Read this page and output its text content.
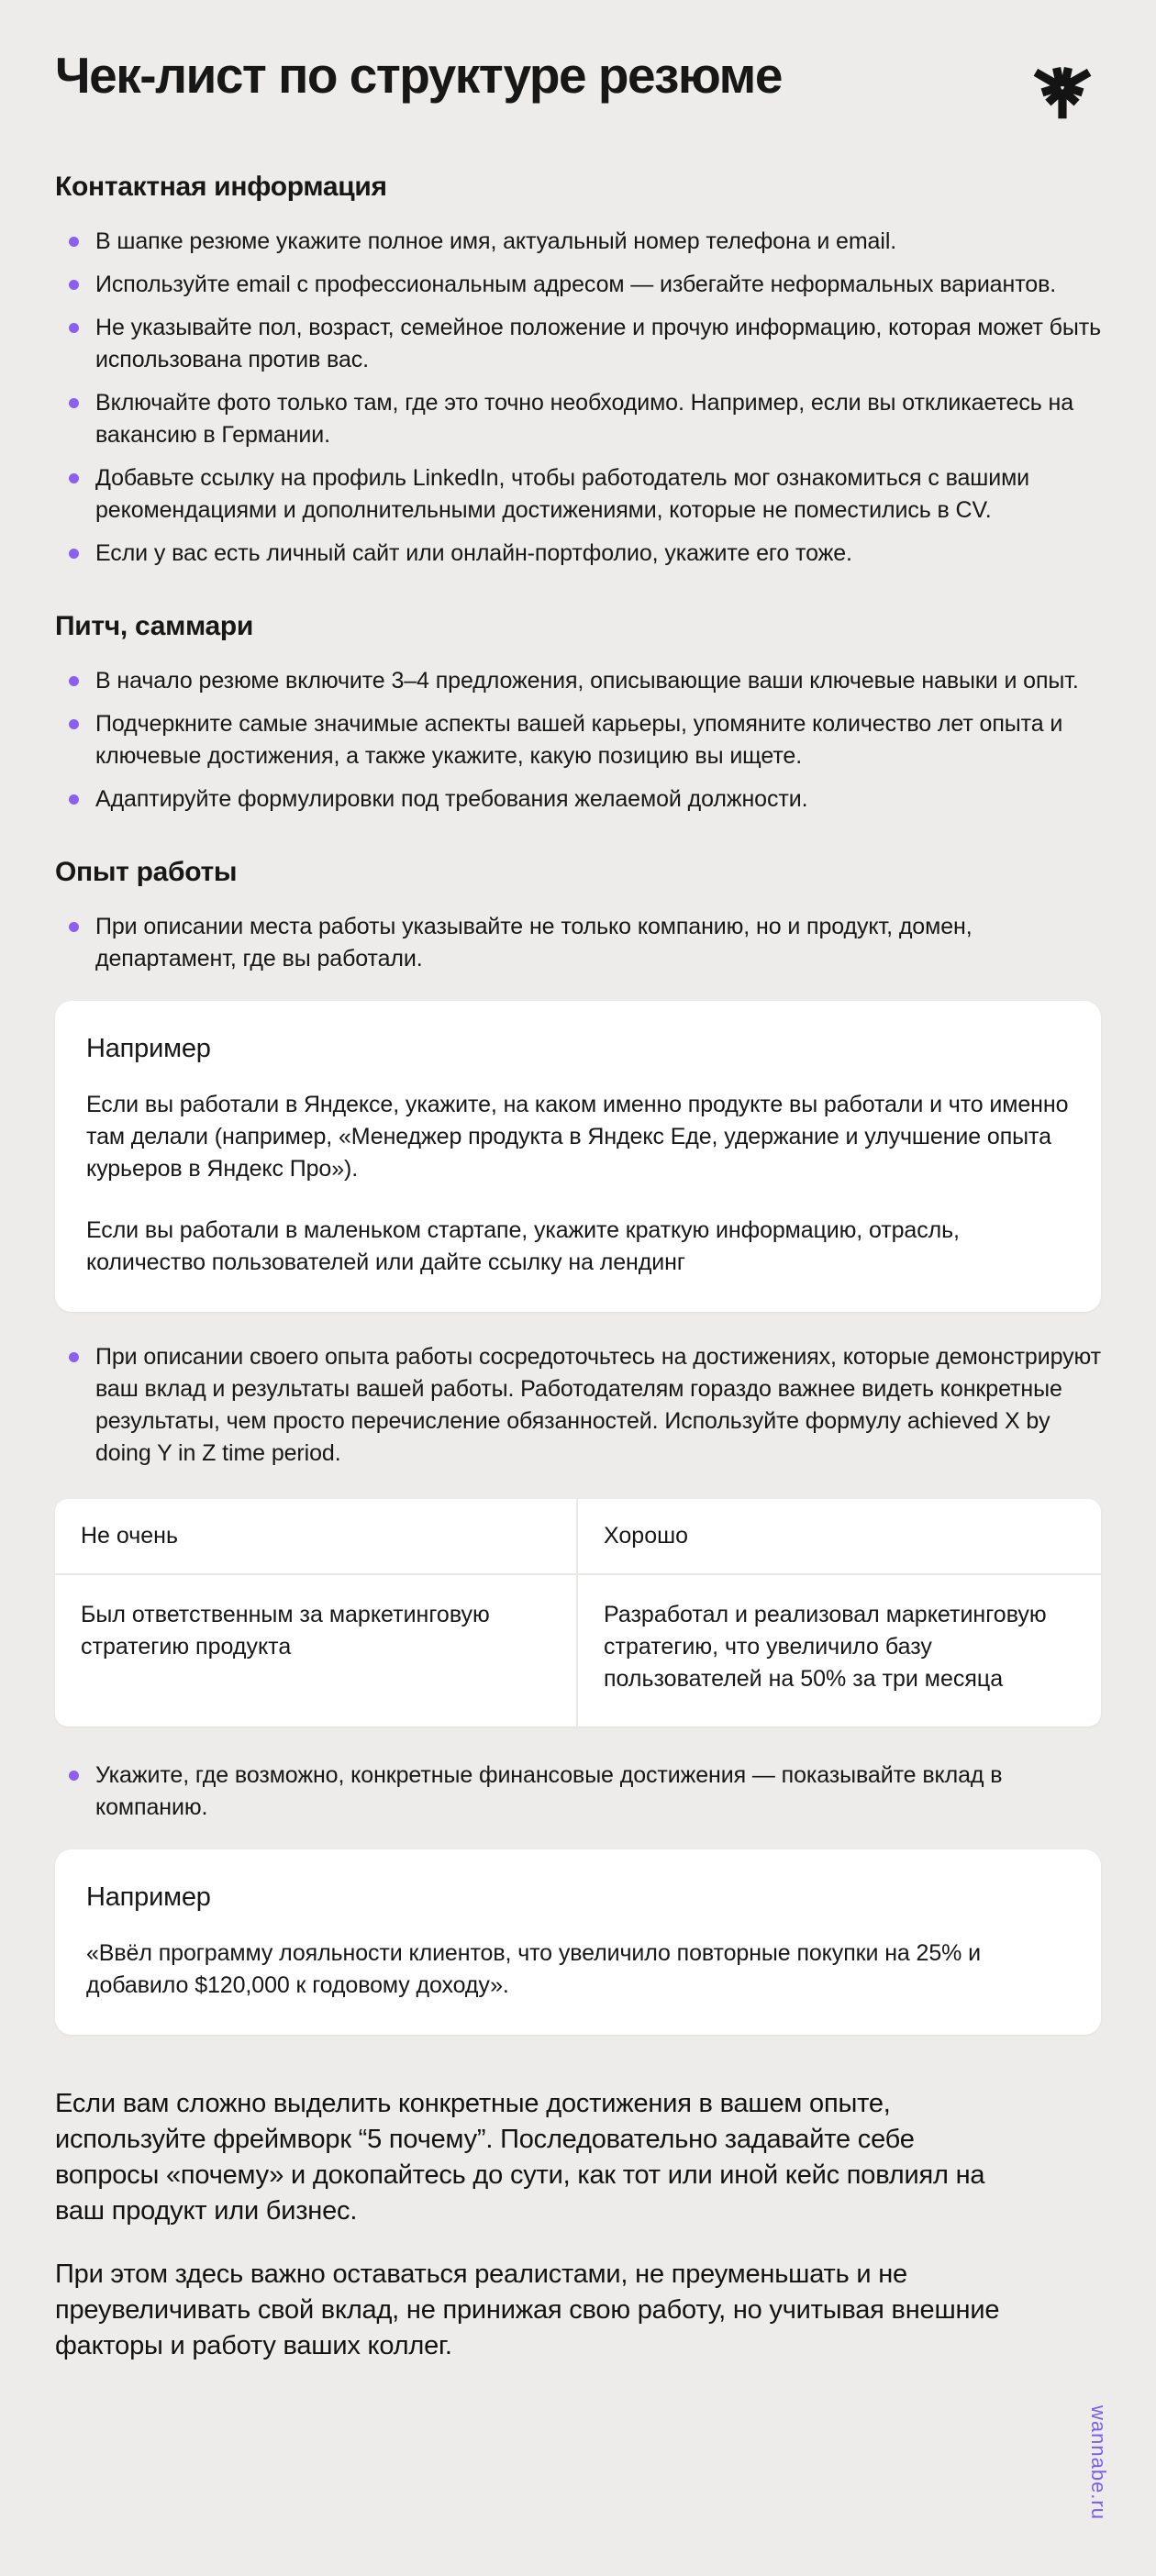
Чек-лист по структуре резюме
Контактная информация
В шапке резюме укажите полное имя, актуальный номер телефона и email.
Используйте email с профессиональным адресом — избегайте неформальных вариантов.
Не указывайте пол, возраст, семейное положение и прочую информацию, которая может быть использована против вас.
Включайте фото только там, где это точно необходимо. Например, если вы откликаетесь на вакансию в Германии.
Добавьте ссылку на профиль LinkedIn, чтобы работодатель мог ознакомиться с вашими рекомендациями и дополнительными достижениями, которые не поместились в CV.
Если у вас есть личный сайт или онлайн-портфолио, укажите его тоже.
Питч, саммари
В начало резюме включите 3–4 предложения, описывающие ваши ключевые навыки и опыт.
Подчеркните самые значимые аспекты вашей карьеры, упомяните количество лет опыта и ключевые достижения, а также укажите, какую позицию вы ищете.
Адаптируйте формулировки под требования желаемой должности.
Опыт работы
При описании места работы указывайте не только компанию, но и продукт, домен, департамент, где вы работали.

Например

Если вы работали в Яндексе, укажите, на каком именно продукте вы работали и что именно там делали (например, «Менеджер продукта в Яндекс Еде, удержание и улучшение опыта курьеров в Яндекс Про»).

Если вы работали в маленьком стартапе, укажите краткую информацию, отрасль, количество пользователей или дайте ссылку на лендинг

При описании своего опыта работы сосредоточьтесь на достижениях, которые демонстрируют ваш вклад и результаты вашей работы. Работодателям гораздо важнее видеть конкретные результаты, чем просто перечисление обязанностей. Используйте формулу achieved X by doing Y in Z time period.
Не очень	Хорошо
Был ответственным за маркетинговую стратегию продукта
Разработал и реализовал маркетинговую стратегию, что увеличило базу пользователей на 50% за три месяца
Укажите, где возможно, конкретные финансовые достижения — показывайте вклад в компанию.

Например

«Ввёл программу лояльности клиентов, что увеличило повторные покупки на 25% и добавило $120,000 к годовому доходу».

Если вам сложно выделить конкретные достижения в вашем опыте, используйте фреймворк “5 почему”. Последовательно задавайте себе вопросы «почему» и докопайтесь до сути, как тот или иной кейс повлиял на ваш продукт или бизнес.

При этом здесь важно оставаться реалистами, не преуменьшать и не преувеличивать свой вклад, не принижая свою работу, но учитывая внешние факторы и работу ваших коллег.

wannabe.ru
